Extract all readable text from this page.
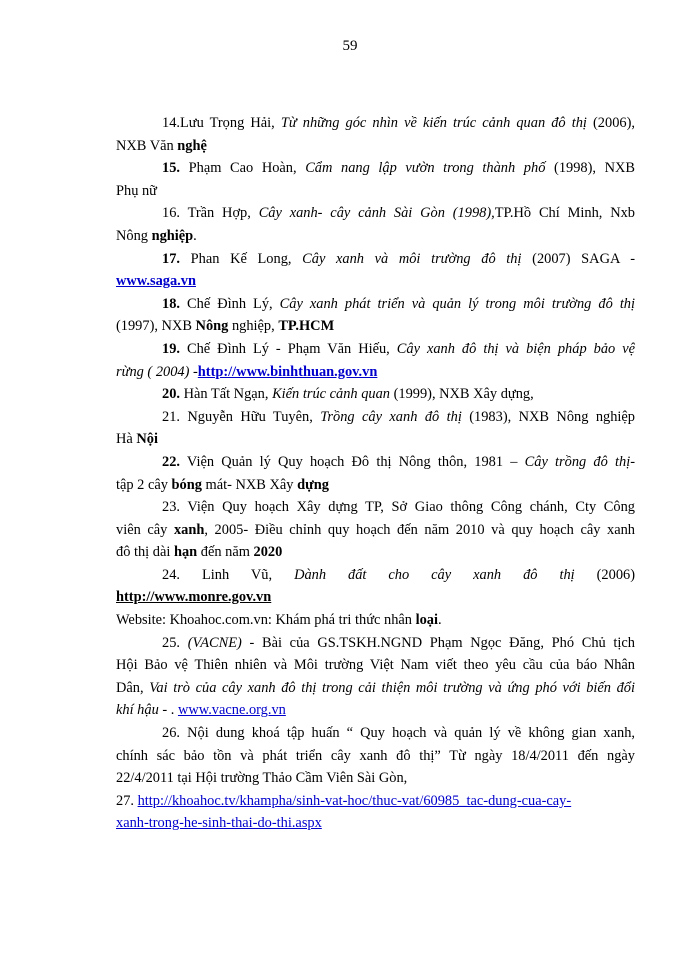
59

14.Lưu Trọng Hải, Từ những góc nhìn về kiến trúc cảnh quan đô thị (2006),

NXB Văn nghệ

15. Phạm Cao Hoàn, Cẩm nang lập vườn trong thành phố (1998), NXB

Phụ nữ

16. Trần Hợp, Cây xanh- cây cảnh Sài Gòn (1998),TP.Hồ Chí Minh, Nxb

Nông nghiệp.

17. Phan Kế Long, Cây xanh và môi trường đô thị (2007) SAGA -

www.saga.vn

18. Chế Đình Lý, Cây xanh phát triển và quản lý trong môi trường đô thị

(1997), NXB Nông nghiệp, TP.HCM

19. Chế Đình Lý - Phạm Văn Hiếu, Cây xanh đô thị và biện pháp bảo vệ

rừng ( 2004) -http://www.binhthuan.gov.vn

20. Hàn Tất Ngạn, Kiến trúc cảnh quan (1999), NXB Xây dựng,

21. Nguyễn Hữu Tuyên, Trồng cây xanh đô thị (1983), NXB Nông nghiệp

Hà Nội

22. Viện Quản lý Quy hoạch Đô thị Nông thôn, 1981 – Cây trồng đô thị-

tập 2 cây bóng mát- NXB Xây dựng

23. Viện Quy hoạch Xây dựng TP, Sở Giao thông Công chánh, Cty Công

viên cây xanh, 2005- Điều chỉnh quy hoạch đến năm 2010 và quy hoạch cây xanh

đô thị dài hạn đến năm 2020

24. Linh Vũ, Dành đất cho cây xanh đô thị (2006)

http://www.monre.gov.vn

Website: Khoahoc.com.vn: Khám phá tri thức nhân loại.

25. (VACNE) - Bài của GS.TSKH.NGND Phạm Ngọc Đăng, Phó Chủ tịch

Hội Bảo vệ Thiên nhiên và Môi trường Việt Nam viết theo yêu cầu của báo Nhân

Dân, Vai trò của cây xanh đô thị trong cải thiện môi trường và ứng phó với biến đổi

khí hậu - . www.vacne.org.vn

26. Nội dung khoá tập huấn “ Quy hoạch và quản lý về không gian xanh,

chính sác bảo tồn và phát triển cây xanh đô thị” Từ ngày 18/4/2011 đến ngày

22/4/2011 tại Hội trường Thảo Cầm Viên Sài Gòn,

27. http://khoahoc.tv/khampha/sinh-vat-hoc/thuc-vat/60985_tac-dung-cua-cay-

xanh-trong-he-sinh-thai-do-thi.aspx
